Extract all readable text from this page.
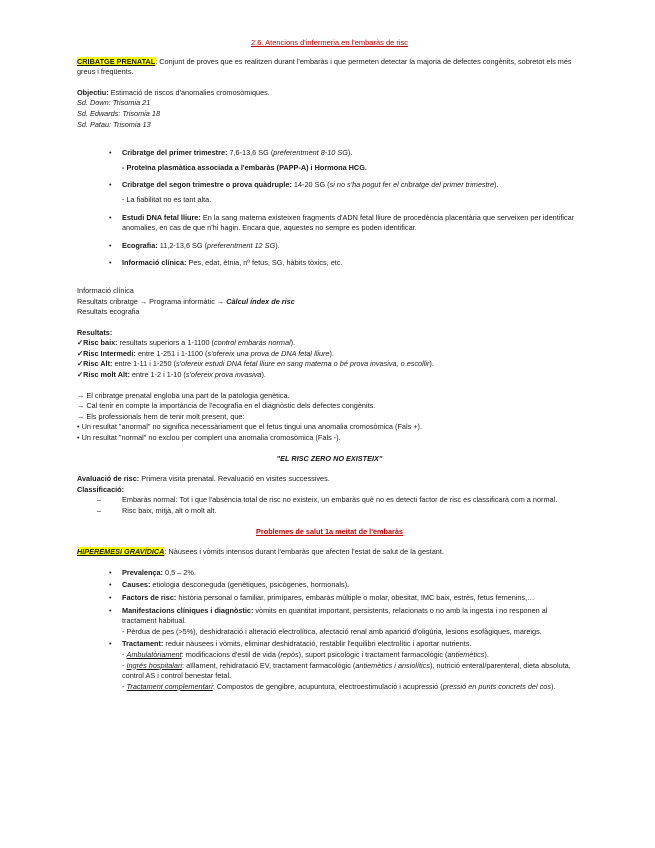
2.6. Atencions d'infermeria en l'embaràs de risc
CRIBATGE PRENATAL: Conjunt de proves que es realitzen durant l'embaràs i que permeten detectar la majoria de defectes congènits, sobretot els més greus i freqüents.
Objectiu: Estimació de riscos d'anomalies cromosòmiques.
Sd. Down: Trisomia 21
Sd. Edwards: Trisomia 18
Sd. Patau: Trisomia 13
• Cribratge del primer trimestre: 7,6-13,6 SG (preferentment 8-10 SG).
- Proteïna plasmàtica associada a l'embaràs (PAPP-A) i Hormona HCG.
• Cribratge del segon trimestre o prova quàdruple: 14-20 SG (si no s'ha pogut fer el cribratge del primer trimestre).
- La fiabilitat no es tant alta.
• Estudi DNA fetal lliure: En la sang materna existeixen fragments d'ADN fetal lliure de procedència placentària que serveixen per identificar anomalies, en cas de que n'hi hagin. Encara que, aquestes no sempre es poden identificar.
• Ecografia: 11,2-13,6 SG (preferentment 12 SG).
• Informació clínica: Pes, edat, ètnia, nº fetus, SG, hàbits tòxics, etc.
Informació clínica
Resultats cribratge → Programa informàtic → Càlcul índex de risc
Resultats ecografia
Resultats:
✓Risc baix: resultats superiors a 1-1100 (control embaràs normal).
✓Risc Intermedi: entre 1-251 i 1-1100 (s'ofereix una prova de DNA fetal lliure).
✓Risc Alt: entre 1-11 i 1-250 (s'ofereix estudi DNA fetal lliure en sang materna o bé prova invasiva, o escollir).
✓Risc molt Alt: entre 1-2 i 1-10 (s'ofereix prova invasiva).
→ El cribratge prenatal engloba una part de la patologia genètica.
→ Cal tenir en compte la importància de l'ecografia en el diagnòstic dels defectes congènits.
→ Els professionals hem de tenir molt present, que:
• Un resultat "anormal" no significa necessàriament que el fetus tingui una anomalia cromosòmica (Fals +).
• Un resultat "normal" no exclou per complert una anomalia cromosòmica (Fals -).
"EL RISC ZERO NO EXISTEIX"
Avaluació de risc: Primera visita prenatal. Revaluació en visites successives.
Classificació:
– Embaràs normal: Tot i que l'absència total de risc no existeix, un embaràs què no es detecti factor de risc es classificarà com a normal.
– Risc baix, mitjà, alt o molt alt.
Problemes de salut 1a meitat de l'embaràs
HIPEREMESI GRAVÍDICA: Nàusees i vòmits intensos durant l'embaràs que afecten l'estat de salut de la gestant.
• Prevalença: 0,5 – 2%.
• Causes: etiologia desconeguda (genètiques, psicògenes, hormonals).
• Factors de risc: història personal o familiar, primípares, embaràs múltiple o molar, obesitat, IMC baix, estrès, fetus femenins,…
• Manifestacions clíniques i diagnòstic: vòmits en quantitat important, persistents, relacionats o no amb la ingesta i no responen al tractament habitual.
- Pèrdua de pes (>5%), deshidratació i alteració electrolítica, afectació renal amb aparició d'oligúria, lesions esofàgiques, mareigs.
• Tractament: reduir nàusees i vòmits, eliminar deshidratació, restablir l'equilibri electrolític i aportar nutrients.
- Ambulatòriament: modificacions d'estil de vida (repòs), suport psicològic i tractament farmacològic (antiemètics).
- Ingrés hospitalari: aïllament, rehidratació EV, tractament farmacològic (antiemètics i ansiolítics), nutrició enteral/parenteral, dieta absoluta, control AS i control benestar fetal.
- Tractament complementari: Compostos de gengibre, acupuntura, electroestimulació i acupressió (pressió en punts concrets del cos).
